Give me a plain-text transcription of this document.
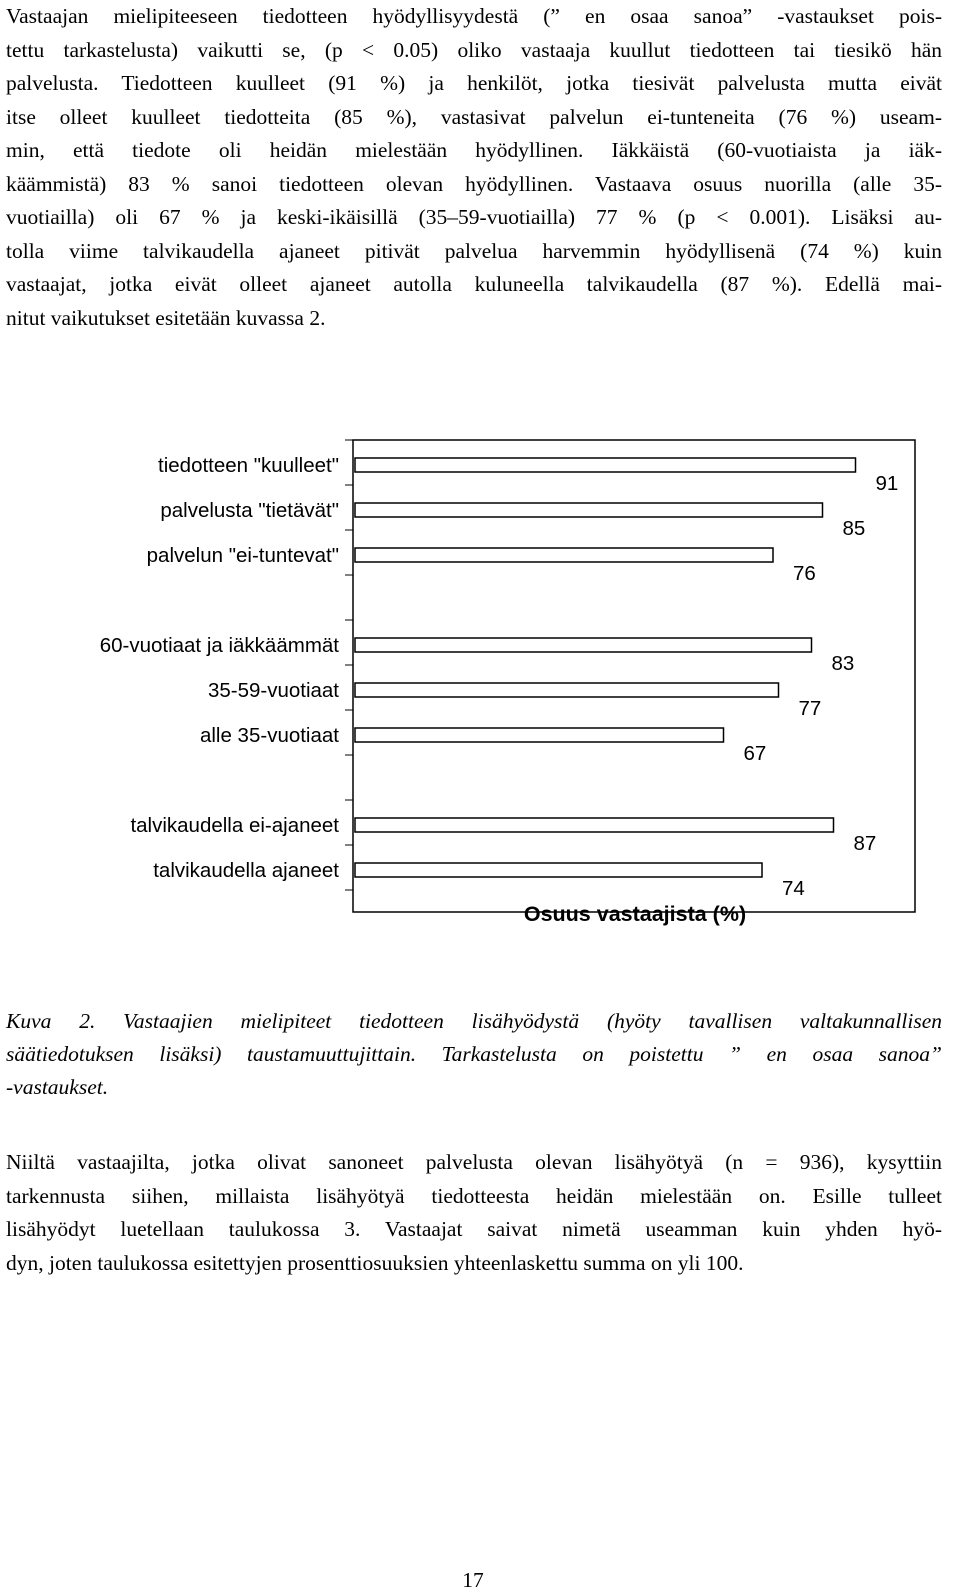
Vastaajan mielipiteeseen tiedotteen hyödyllisyydestä (” en osaa sanoa” -vastaukset pois-
tettu tarkastelusta) vaikutti se, (p < 0.05) oliko vastaaja kuullut tiedotteen tai tiesikö hän
palvelusta. Tiedotteen kuulleet (91 %) ja henkilöt, jotka tiesivät palvelusta mutta eivät
itse olleet kuulleet tiedotteita (85 %), vastasivat palvelun ei-tunteneita (76 %) useam-
min, että tiedote oli heidän mielestään hyödyllinen. Iäkkäistä (60-vuotiaista ja iäk-
käämmistä) 83 % sanoi tiedotteen olevan hyödyllinen. Vastaava osuus nuorilla (alle 35-
vuotiailla) oli 67 % ja keski-ikäisillä (35–59-vuotiailla) 77 % (p < 0.001). Lisäksi au-
tolla viime talvikaudella ajaneet pitivät palvelua harvemmin hyödyllisenä (74 %) kuin
vastaajat, jotka eivät olleet ajaneet autolla kuluneella talvikaudella (87 %). Edellä mai-
nitut vaikutukset esitetään kuvassa 2.

tiedotteen "kuulleet"
palvelusta "tietävät"
palvelun "ei-tuntevat"
60-vuotiaat ja iäkkäämmät
35-59-vuotiaat
alle 35-vuotiaat
talvikaudella ei-ajaneet
talvikaudella ajaneet
91
85
76
83
77
67
87
74
Osuus vastaajista (%)

Kuva 2. Vastaajien mielipiteet tiedotteen lisähyödystä (hyöty tavallisen valtakunnallisen
säätiedotuksen lisäksi) taustamuuttujittain. Tarkastelusta on poistettu ” en osaa sanoa”
-vastaukset.

Niiltä vastaajilta, jotka olivat sanoneet palvelusta olevan lisähyötyä (n = 936), kysyttiin
tarkennusta siihen, millaista lisähyötyä tiedotteesta heidän mielestään on. Esille tulleet
lisähyödyt luetellaan taulukossa 3. Vastaajat saivat nimetä useamman kuin yhden hyö-
dyn, joten taulukossa esitettyjen prosenttiosuuksien yhteenlaskettu summa on yli 100.

17
